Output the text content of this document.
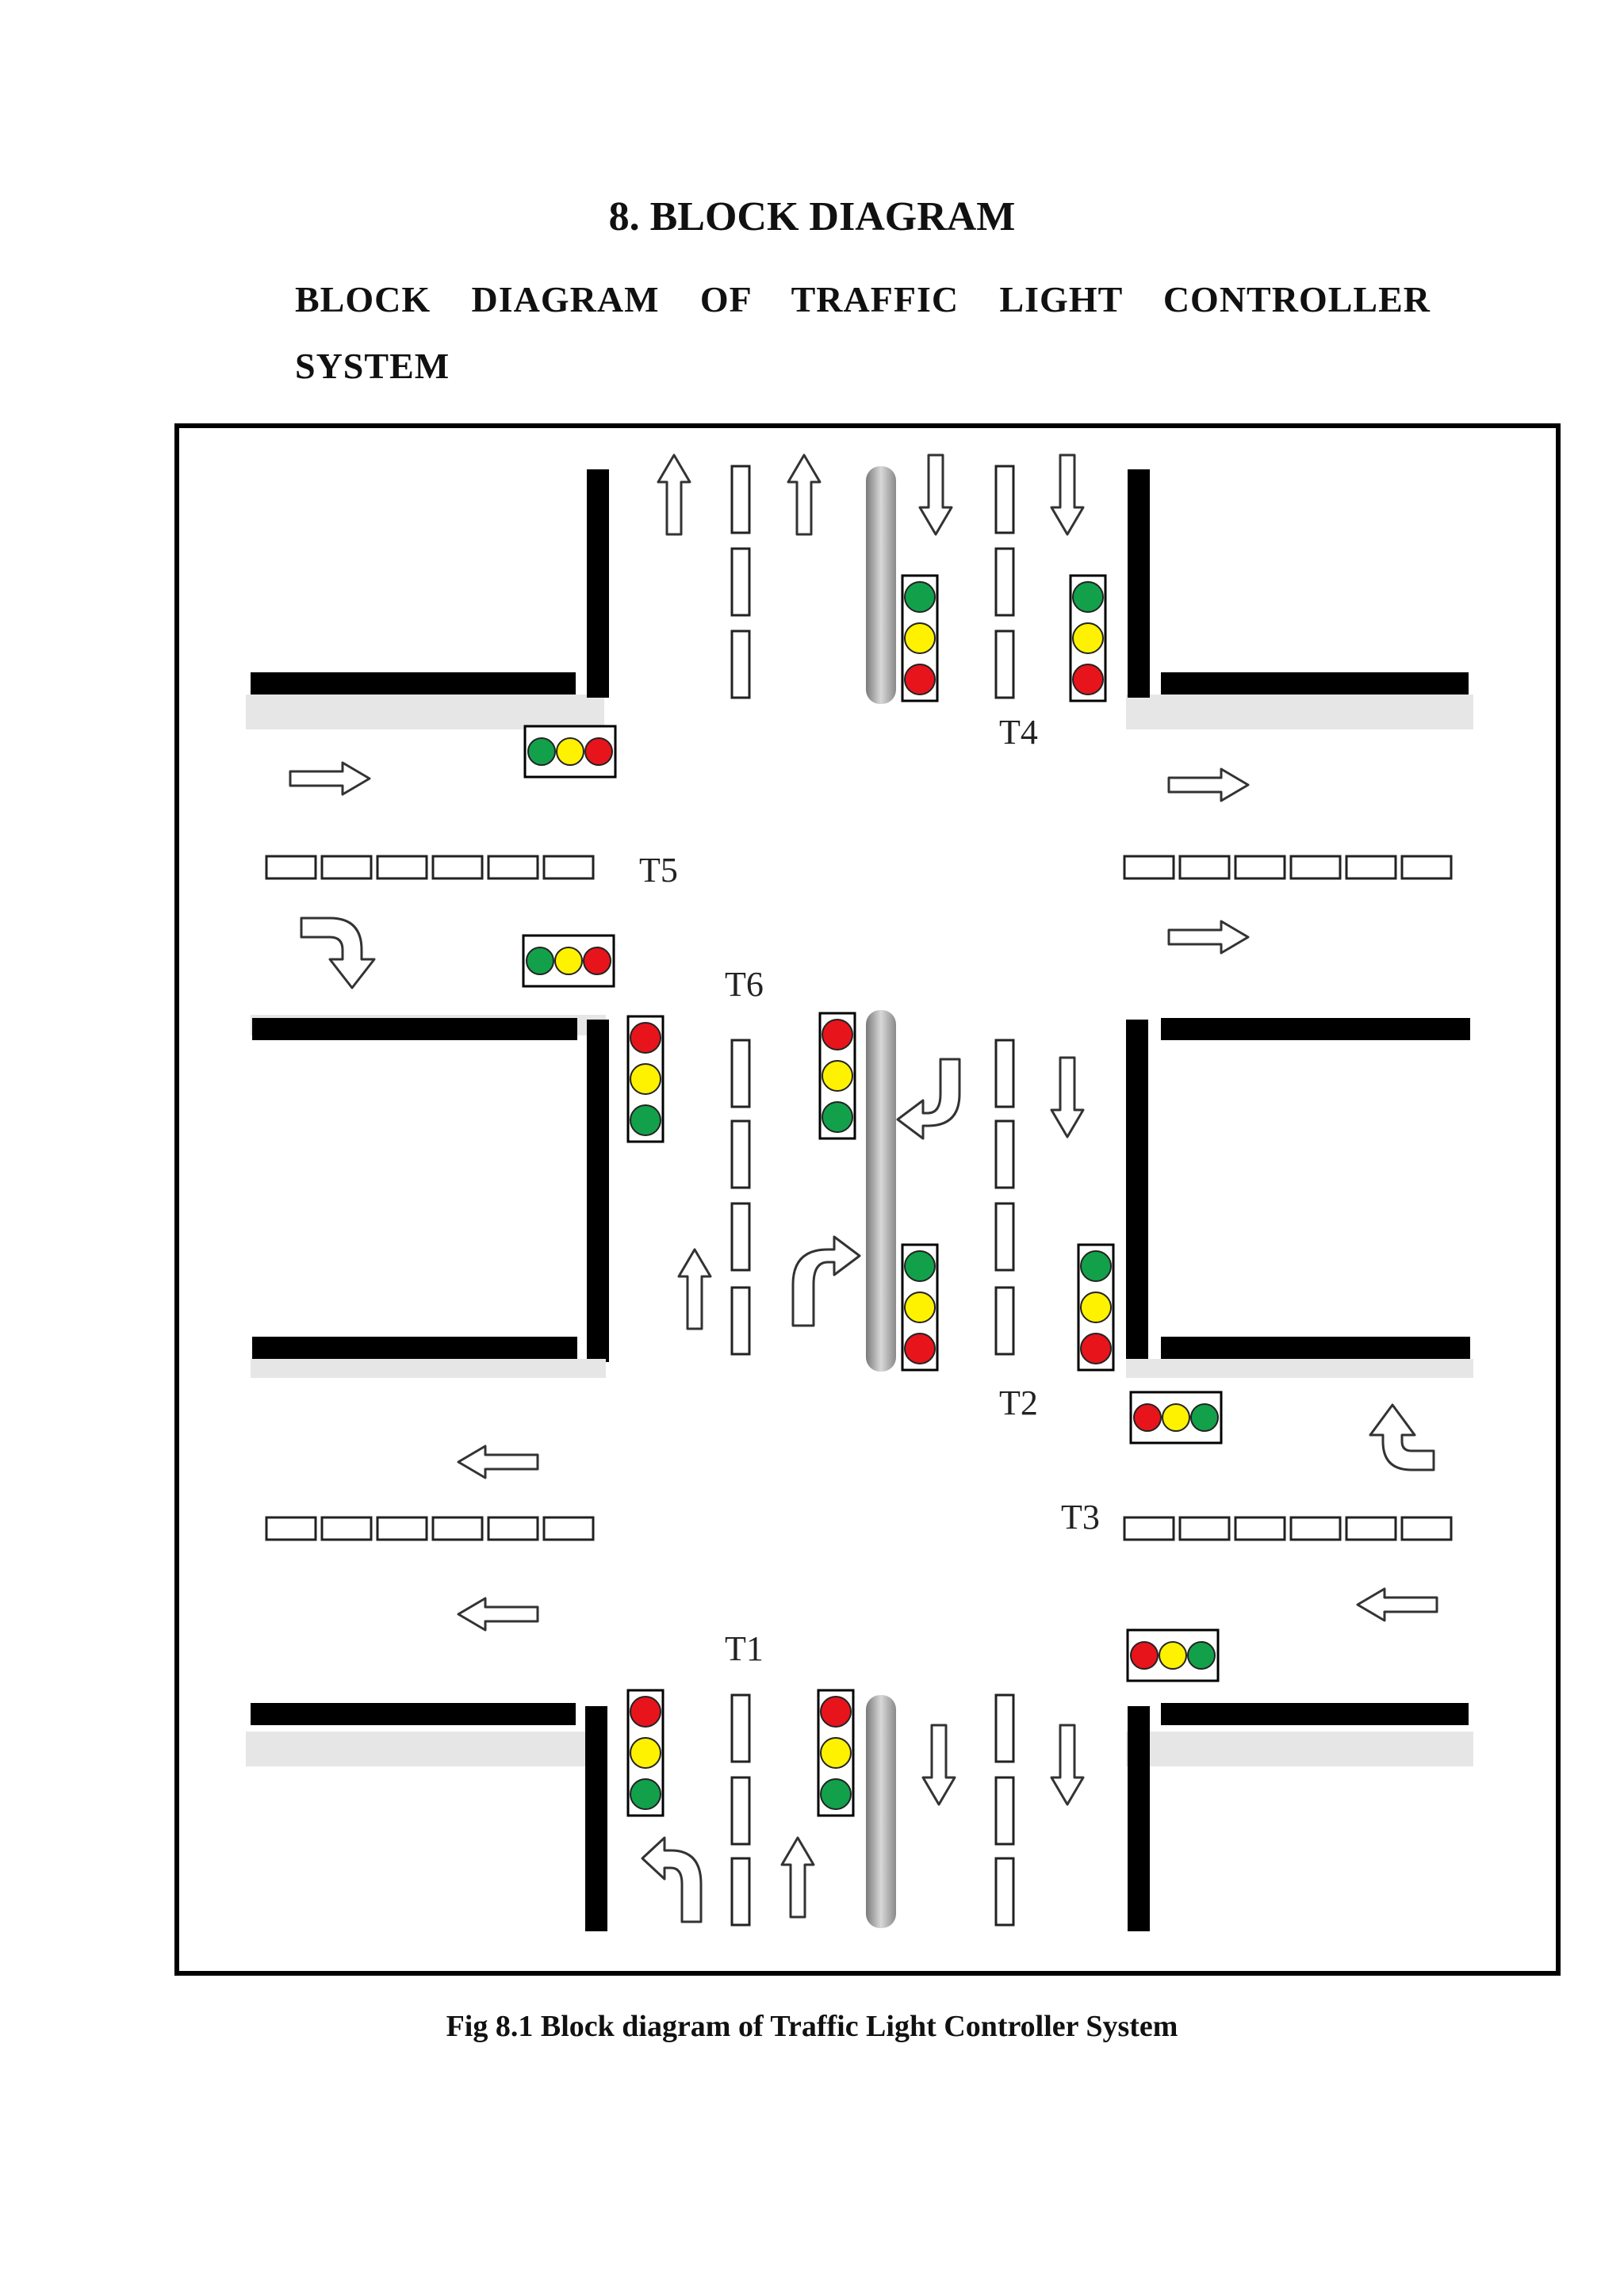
8. BLOCK DIAGRAM

BLOCK DIAGRAM OF TRAFFIC LIGHT CONTROLLER SYSTEM

T4
T5
T6
T2
T3
T1

Fig 8.1 Block diagram of Traffic Light Controller System
